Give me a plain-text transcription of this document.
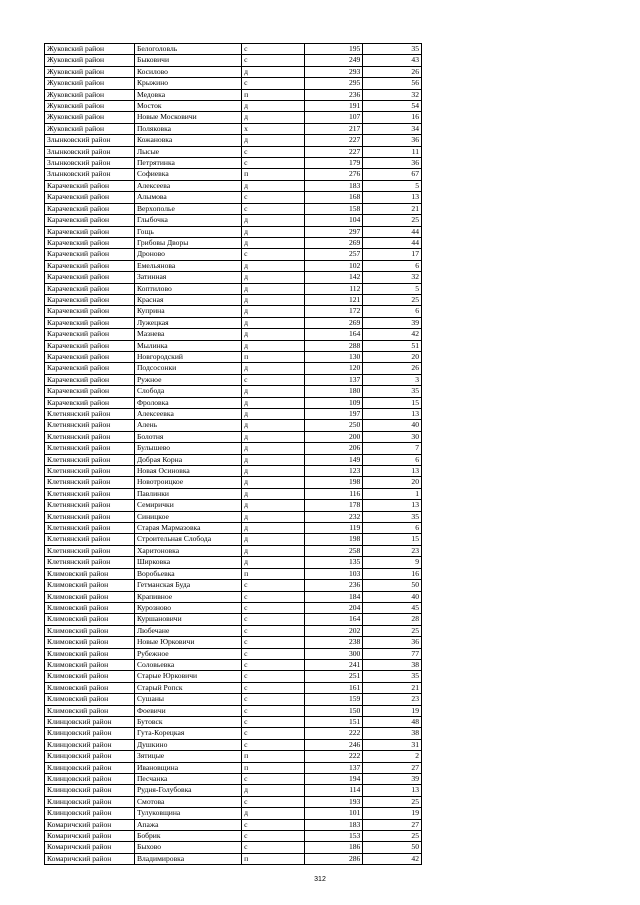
Жуковский район	Белоголовль	с	195	35
Жуковский район	Быковичи	с	249	43
Жуковский район	Косилово	д	293	26
Жуковский район	Крыжино	с	295	56
Жуковский район	Медовка	п	236	32
Жуковский район	Мосток	д	191	54
Жуковский район	Новые Московичи	д	107	16
Жуковский район	Поляковка	х	217	34
Злынковский район	Кожановка	д	227	36
Злынковский район	Лысые	с	227	11
Злынковский район	Петрятинка	с	179	36
Злынковский район	Софиевка	п	276	67
Карачевский район	Алексеева	д	183	5
Карачевский район	Алымова	с	168	13
Карачевский район	Верхополье	с	158	21
Карачевский район	Глыбочка	д	104	25
Карачевский район	Гощь	д	297	44
Карачевский район	Грибовы Дворы	д	269	44
Карачевский район	Дроново	с	257	17
Карачевский район	Емельянова	д	102	6
Карачевский район	Затинная	д	142	32
Карачевский район	Коптилово	д	112	5
Карачевский район	Красная	д	121	25
Карачевский район	Куприна	д	172	6
Карачевский район	Лужецкая	д	269	39
Карачевский район	Мазнева	д	164	42
Карачевский район	Мылинка	д	288	51
Карачевский район	Новгородский	п	130	20
Карачевский район	Подсосонки	д	120	26
Карачевский район	Ружное	с	137	3
Карачевский район	Слобода	д	180	35
Карачевский район	Фроловка	д	109	15
Клетнянский район	Алексеевка	д	197	13
Клетнянский район	Алень	д	250	40
Клетнянский район	Болотня	д	200	30
Клетнянский район	Булышево	д	206	7
Клетнянский район	Добрая Корна	д	149	6
Клетнянский район	Новая Осиновка	д	123	13
Клетнянский район	Новотроицкое	д	198	20
Клетнянский район	Павлинки	д	116	1
Клетнянский район	Семирички	д	178	13
Клетнянский район	Синицкое	д	232	35
Клетнянский район	Старая Мармазовка	д	119	6
Клетнянский район	Строительная Слобода	д	198	15
Клетнянский район	Харитоновка	д	258	23
Клетнянский район	Ширковка	д	135	9
Климовский район	Воробьевка	п	103	16
Климовский район	Гетманская Буда	с	236	50
Климовский район	Крапивное	с	184	40
Климовский район	Курозново	с	204	45
Климовский район	Куршановичи	с	164	28
Климовский район	Любечане	с	202	25
Климовский район	Новые Юрковичи	с	238	36
Климовский район	Рубежное	с	300	77
Климовский район	Соловьевка	с	241	38
Климовский район	Старые Юрковичи	с	251	35
Климовский район	Старый Ропск	с	161	21
Климовский район	Сушаны	с	159	23
Климовский район	Фоевичи	с	150	19
Клинцовский район	Бутовск	с	151	48
Клинцовский район	Гута-Корецкая	с	222	38
Клинцовский район	Душкино	с	246	31
Клинцовский район	Зятицые	п	222	2
Клинцовский район	Ивановщина	п	137	27
Клинцовский район	Песчанка	с	194	39
Клинцовский район	Рудня-Голубовка	д	114	13
Клинцовский район	Смотова	с	193	25
Клинцовский район	Тулуковщина	д	101	19
Комаричский район	Апажа	с	183	27
Комаричский район	Бобрик	с	153	25
Комаричский район	Быхово	с	186	50
Комаричский район	Владимировка	п	286	42
312
